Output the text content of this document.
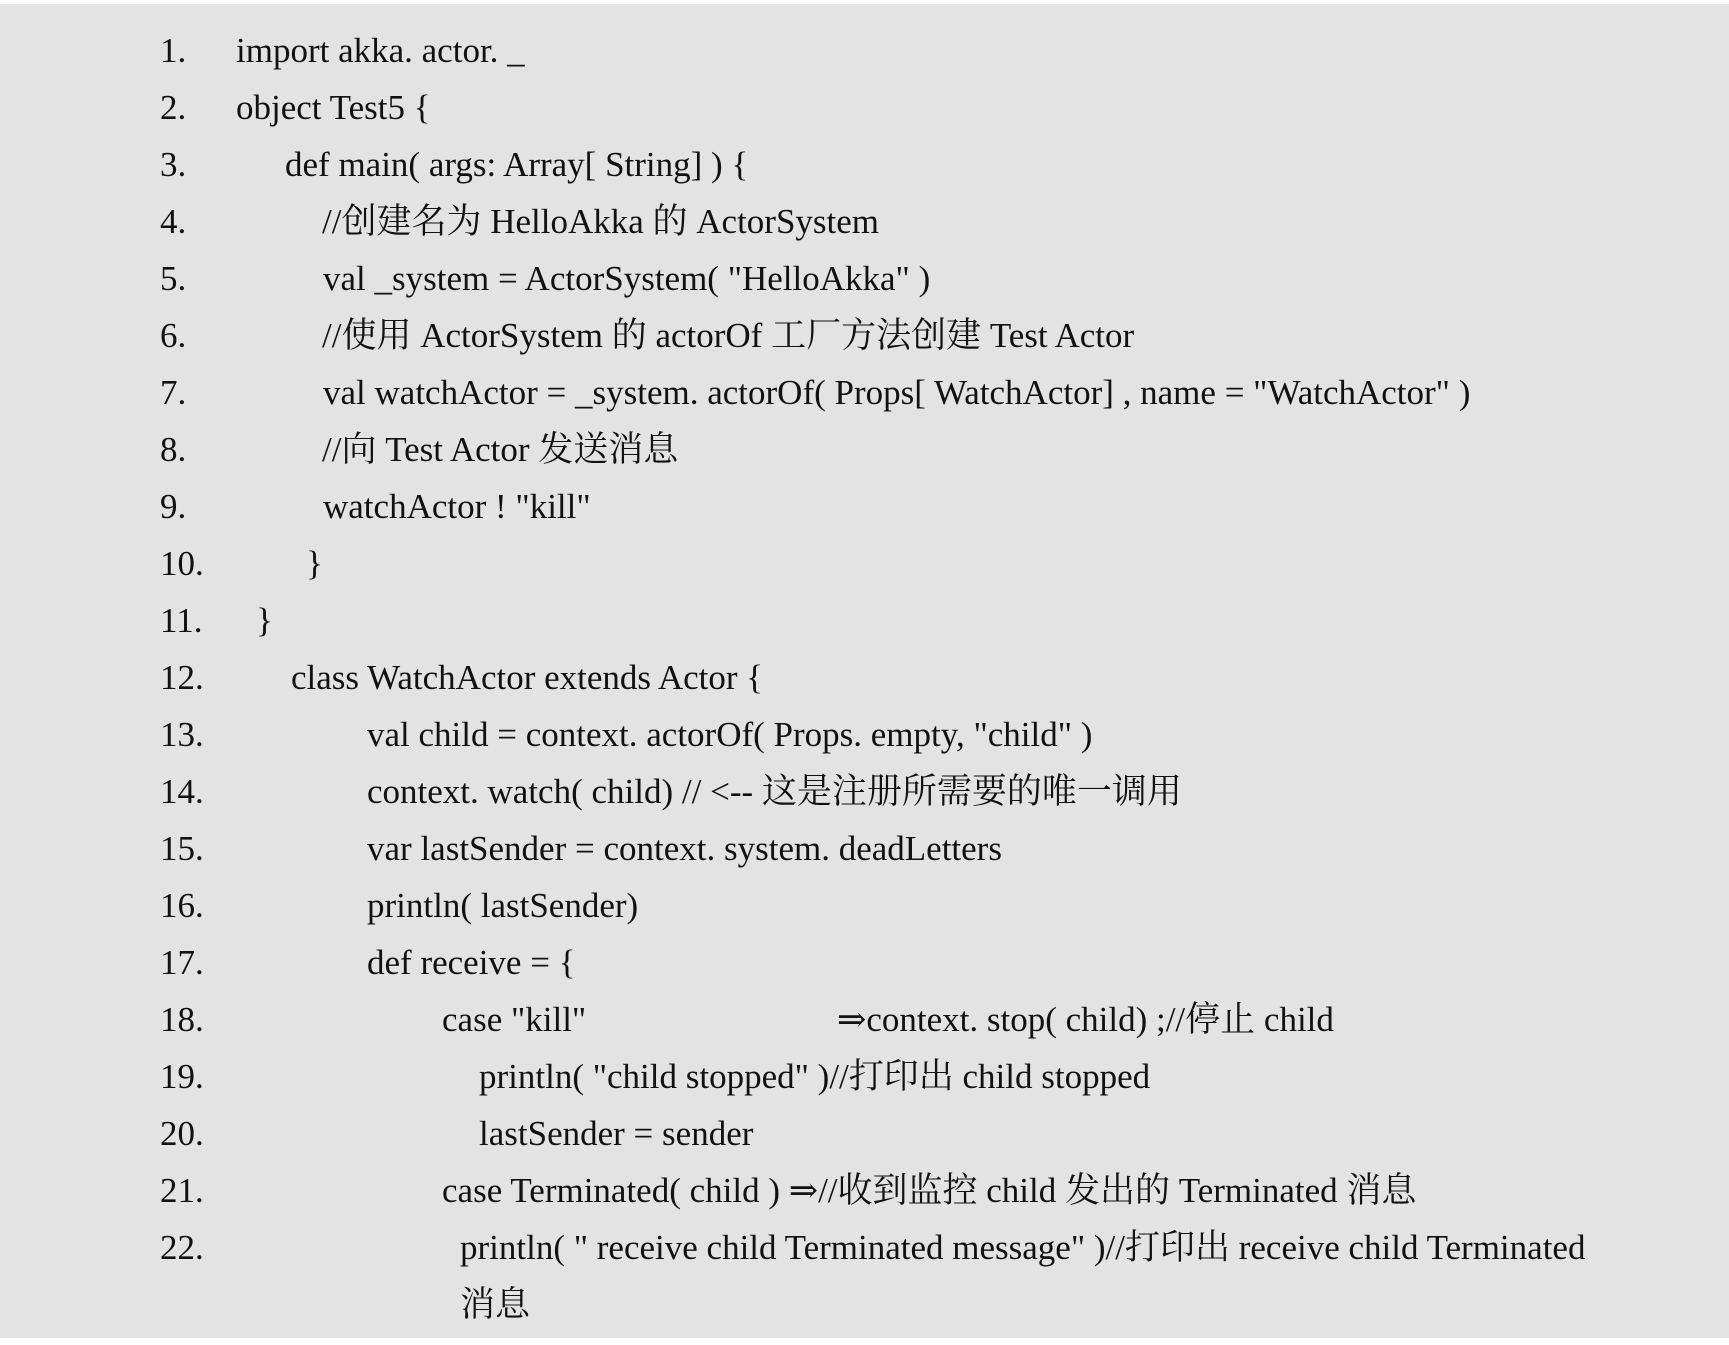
1. import akka. actor. _
2. object Test5 {
3.	def main( args: Array[ String] ) {
4.	//创建名为 HelloAkka 的 ActorSystem
5.	val _system = ActorSystem( "HelloAkka" )
6.	//使用 ActorSystem 的 actorOf 工厂方法创建 Test Actor
7.	val watchActor = _system. actorOf( Props[ WatchActor] , name = "WatchActor" )
8.	//向 Test Actor 发送消息
9.	watchActor ! "kill"
10.	}
11. }
12. class WatchActor extends Actor {
13.	val child = context. actorOf( Props. empty, "child" )
14.	context. watch( child) // <-- 这是注册所需要的唯一调用
15.	var lastSender = context. system. deadLetters
16.	println( lastSender)
17.	def receive = {
18.	case "kill"	⇒context. stop( child) ;//停止 child
19.	println( "child stopped" )//打印出 child stopped
20.	lastSender = sender
21.	case Terminated( child ) ⇒//收到监控 child 发出的 Terminated 消息
22.	println( " receive child Terminated message" )//打印出 receive child Terminated
消息
